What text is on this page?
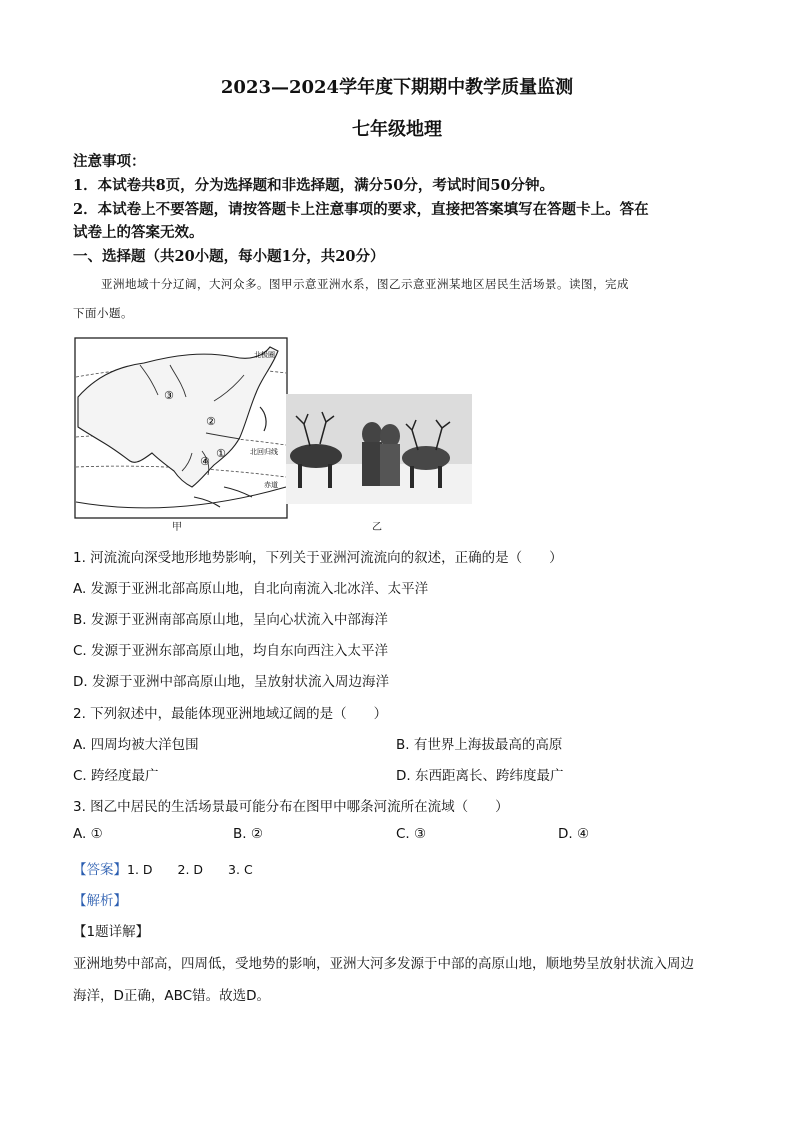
2023—2024学年度下期期中教学质量监测
七年级地理
注意事项：
1．本试卷共8页，分为选择题和非选择题，满分50分，考试时间50分钟。
2．本试卷上不要答题，请按答题卡上注意事项的要求，直接把答案填写在答题卡上。答在
试卷上的答案无效。
一、选择题（共20小题，每小题1分，共20分）
亚洲地域十分辽阔，大河众多。图甲示意亚洲水系，图乙示意亚洲某地区居民生活场景。读图，完成
下面小题。
③
②
①
④
北极圈
北回归线
赤道
甲	乙
1. 河流流向深受地形地势影响，下列关于亚洲河流流向的叙述，正确的是（　　）
A. 发源于亚洲北部高原山地，自北向南流入北冰洋、太平洋
B. 发源于亚洲南部高原山地，呈向心状流入中部海洋
C. 发源于亚洲东部高原山地，均自东向西注入太平洋
D. 发源于亚洲中部高原山地，呈放射状流入周边海洋
2. 下列叙述中，最能体现亚洲地域辽阔的是（　　）
A. 四周均被大洋包围	B. 有世界上海拔最高的高原
C. 跨经度最广	D. 东西距离长、跨纬度最广
3. 图乙中居民的生活场景最可能分布在图甲中哪条河流所在流域（　　）
A. ①	B. ②	C. ③	D. ④
【答案】1. D　　2. D　　3. C
【解析】
【1题详解】
亚洲地势中部高，四周低，受地势的影响，亚洲大河多发源于中部的高原山地，顺地势呈放射状流入周边
海洋，D正确，ABC错。故选D。
